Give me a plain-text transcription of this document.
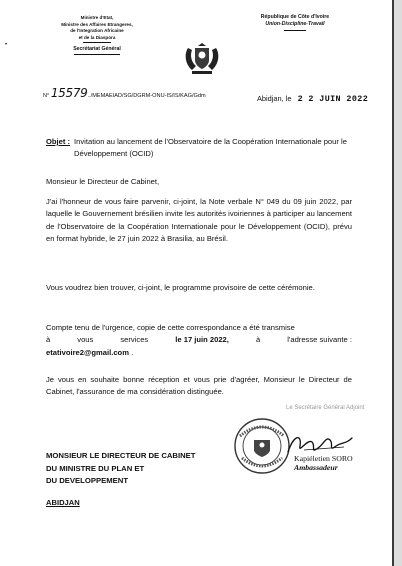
Ministre d'Etat,
Ministre des Affaires Etrangeres,
de l'Integration Africaine
et de la Diaspora
Secrétariat Général
République de Côte d'Ivoire
Union-Discipline-Travail
•
N° 15579../MEMAEIAD/SG/DGRM-ONU-IS/IS/KAG/Gdm	Abidjan, le 2 2 JUIN 2022
Objet : Invitation au lancement de l'Observatoire de la Coopération Internationale pour le Développement (OCID)
Monsieur le Directeur de Cabinet,
J'ai l'honneur de vous faire parvenir, ci-joint, la Note verbale N° 049 du 09 juin 2022, par laquelle le Gouvernement brésilien invite les autorités ivoiriennes à participer au lancement de l'Observatoire de la Coopération Internationale pour le Développement (OCID), prévu en format hybride, le 27 juin 2022 à Brasilia, au Brésil.
Vous voudrez bien trouver, ci-joint, le programme provisoire de cette cérémonie.
Compte tenu de l'urgence, copie de cette correspondance a été transmise
à	vous	services	le 17 juin 2022,	à	l'adresse suivante :
etativoire2@gmail.com .
Je vous en souhaite bonne réception et vous prie d'agréer, Monsieur le Directeur de Cabinet, l'assurance de ma considération distinguée.
Le Secrétaire Général Adjoint
Kapiéletien SORO
Ambassadeur
MONSIEUR LE DIRECTEUR DE CABINET
DU MINISTRE DU PLAN ET
DU DEVELOPPEMENT
ABIDJAN
